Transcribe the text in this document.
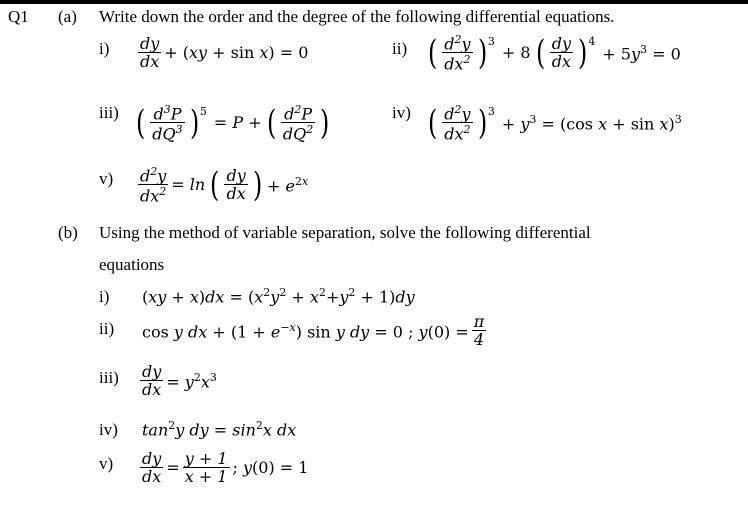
Q1 (a) Write down the order and the degree of the following differential equations.
$i) \frac{dy}{dx} + (xy + \sin x) = 0$	ii) ( $\frac{d^2y}{dx^2}$ ) 3
+ 8 ( $\frac{dy}{dx}$ ) 4
+ $5y^3 = 0$
iii) ( $\frac{d^3P}{dQ^3}$ ) 5
= P + ( $\frac{d^2P}{dQ^2}$ )	iv) ( $\frac{d^2y}{dx^2}$ ) 3
+ $y^3 = (\cos$ x + sin x)$^3$
$v) \frac{d^2y}{dx^2} = \ln$ ( $\frac{dy}{dx}$ ) + $e^{2x}$
(b) Using the method of variable separation, solve the following differential
equations
i) $(xy + x)dx = (x^2y^2 + x^2+y^2 + 1)dy$
ii) cos y dx + $(1 + e^{-x})$ sin y dy = 0 ; $y(0) = \frac{\pi}{4}$
$iii) \frac{dy}{dx} = y^2x^3$
iv) $\tan^2y$ dy = $\sin^2x$ dx
$v) \frac{dy}{dx} = \frac{y + 1}{x + 1}$ ; y(0) = 1
